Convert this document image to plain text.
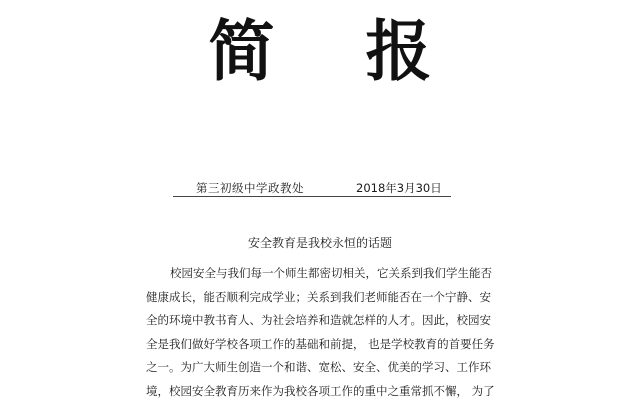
简 报
第三初级中学政教处	2018年3月30日
安全教育是我校永恒的话题
校园安全与我们每一个师生都密切相关，它关系到我们学生能否
健康成长，能否顺利完成学业；关系到我们老师能否在一个宁静、安
全的环境中教书育人、为社会培养和造就怎样的人才。因此，校园安
全是我们做好学校各项工作的基础和前提， 也是学校教育的首要任务
之一。为广大师生创造一个和谐、宽松、安全、优美的学习、工作环
境，校园安全教育历来作为我校各项工作的重中之重常抓不懈， 为了
